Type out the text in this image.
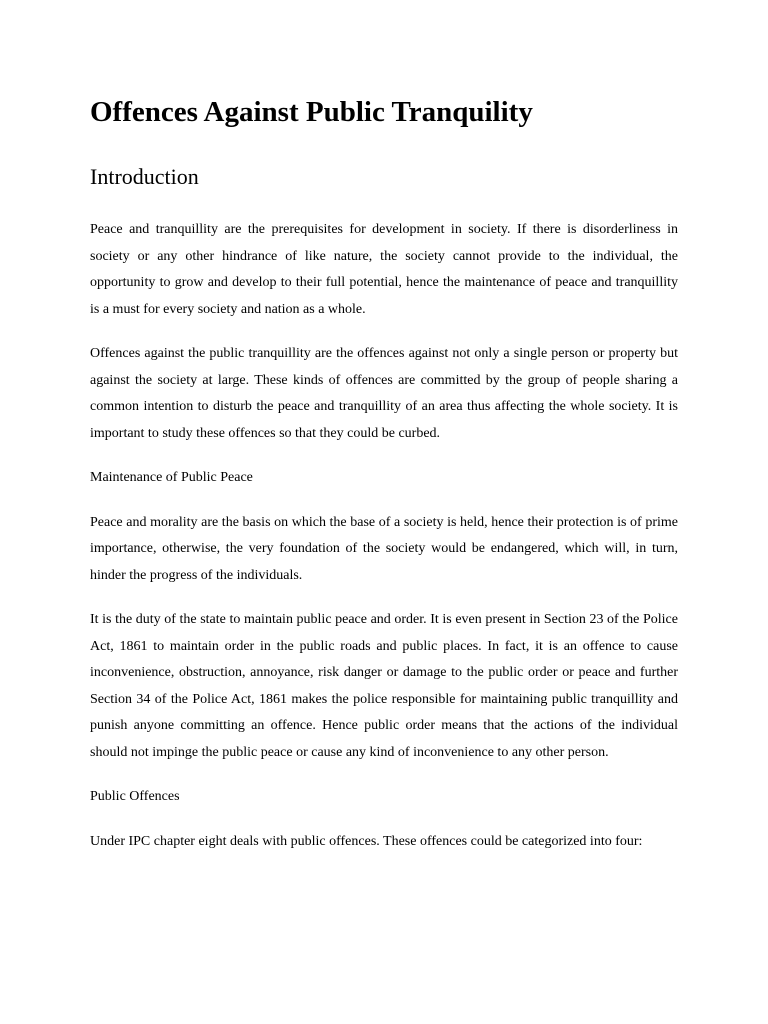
Offences Against Public Tranquility
Introduction

Peace and tranquillity are the prerequisites for development in society. If there is disorderliness in society or any other hindrance of like nature, the society cannot provide to the individual, the opportunity to grow and develop to their full potential, hence the maintenance of peace and tranquillity is a must for every society and nation as a whole.

Offences against the public tranquillity are the offences against not only a single person or property but against the society at large. These kinds of offences are committed by the group of people sharing a common intention to disturb the peace and tranquillity of an area thus affecting the whole society. It is important to study these offences so that they could be curbed.

Maintenance of Public Peace

Peace and morality are the basis on which the base of a society is held, hence their protection is of prime importance, otherwise, the very foundation of the society would be endangered, which will, in turn, hinder the progress of the individuals.

It is the duty of the state to maintain public peace and order. It is even present in Section 23 of the Police Act, 1861 to maintain order in the public roads and public places. In fact, it is an offence to cause inconvenience, obstruction, annoyance, risk danger or damage to the public order or peace and further Section 34 of the Police Act, 1861 makes the police responsible for maintaining public tranquillity and punish anyone committing an offence. Hence public order means that the actions of the individual should not impinge the public peace or cause any kind of inconvenience to any other person.

Public Offences

Under IPC chapter eight deals with public offences. These offences could be categorized into four:
